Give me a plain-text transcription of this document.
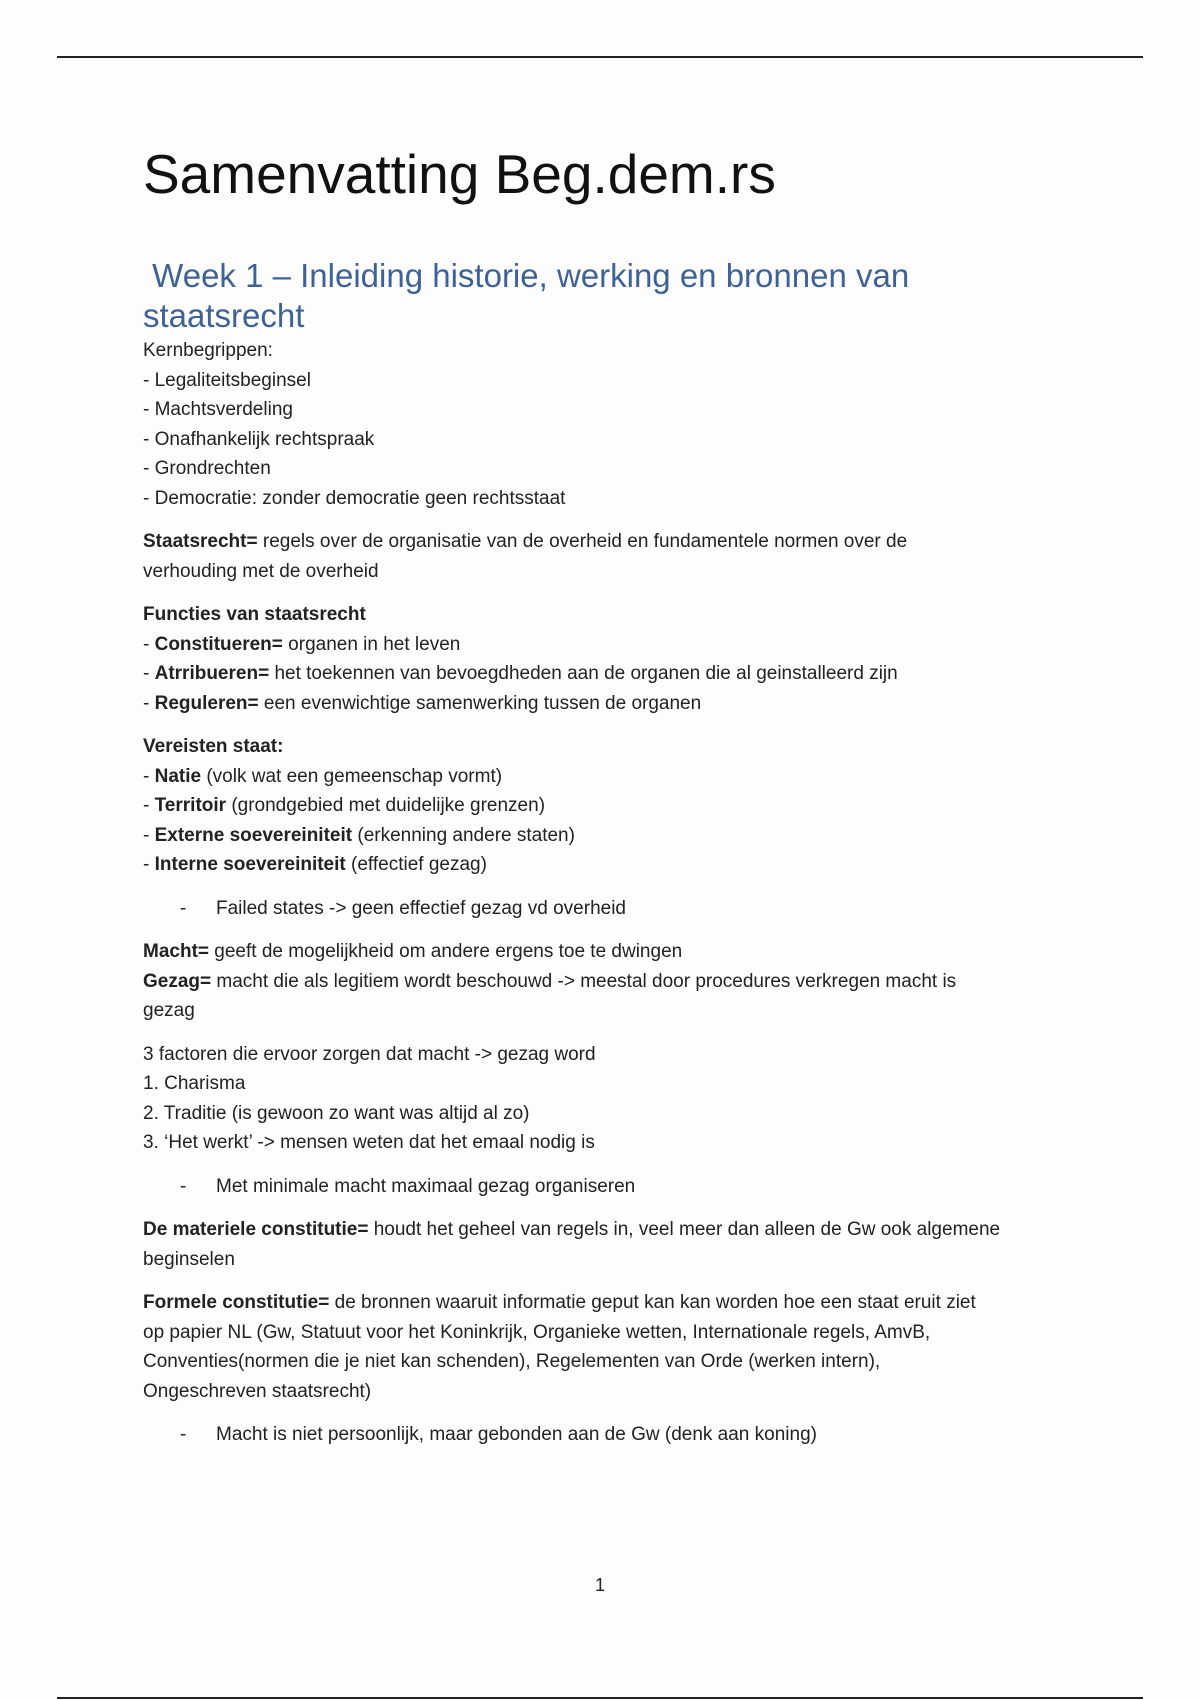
Samenvatting Beg.dem.rs
Week 1 – Inleiding historie, werking en bronnen van
staatsrecht
Kernbegrippen:
- Legaliteitsbeginsel
- Machtsverdeling
- Onafhankelijk rechtspraak
- Grondrechten
- Democratie: zonder democratie geen rechtsstaat

Staatsrecht= regels over de organisatie van de overheid en fundamentele normen over de
verhouding met de overheid

Functies van staatsrecht
- Constitueren= organen in het leven
- Atrribueren= het toekennen van bevoegdheden aan de organen die al geinstalleerd zijn
- Reguleren= een evenwichtige samenwerking tussen de organen
Vereisten staat:
- Natie (volk wat een gemeenschap vormt)
- Territoir (grondgebied met duidelijke grenzen)
- Externe soevereiniteit (erkenning andere staten)
- Interne soevereiniteit (effectief gezag)
- Failed states -> geen effectief gezag vd overheid

Macht= geeft de mogelijkheid om andere ergens toe te dwingen

Gezag= macht die als legitiem wordt beschouwd -> meestal door procedures verkregen macht is
gezag

3 factoren die ervoor zorgen dat macht -> gezag word
1. Charisma
2. Traditie (is gewoon zo want was altijd al zo)
3. ‘Het werkt’ -> mensen weten dat het emaal nodig is
- Met minimale macht maximaal gezag organiseren

De materiele constitutie= houdt het geheel van regels in, veel meer dan alleen de Gw ook algemene
beginselen

Formele constitutie= de bronnen waaruit informatie geput kan kan worden hoe een staat eruit ziet
op papier NL (Gw, Statuut voor het Koninkrijk, Organieke wetten, Internationale regels, AmvB,
Conventies(normen die je niet kan schenden), Regelementen van Orde (werken intern),
Ongeschreven staatsrecht)

- Macht is niet persoonlijk, maar gebonden aan de Gw (denk aan koning)
1
